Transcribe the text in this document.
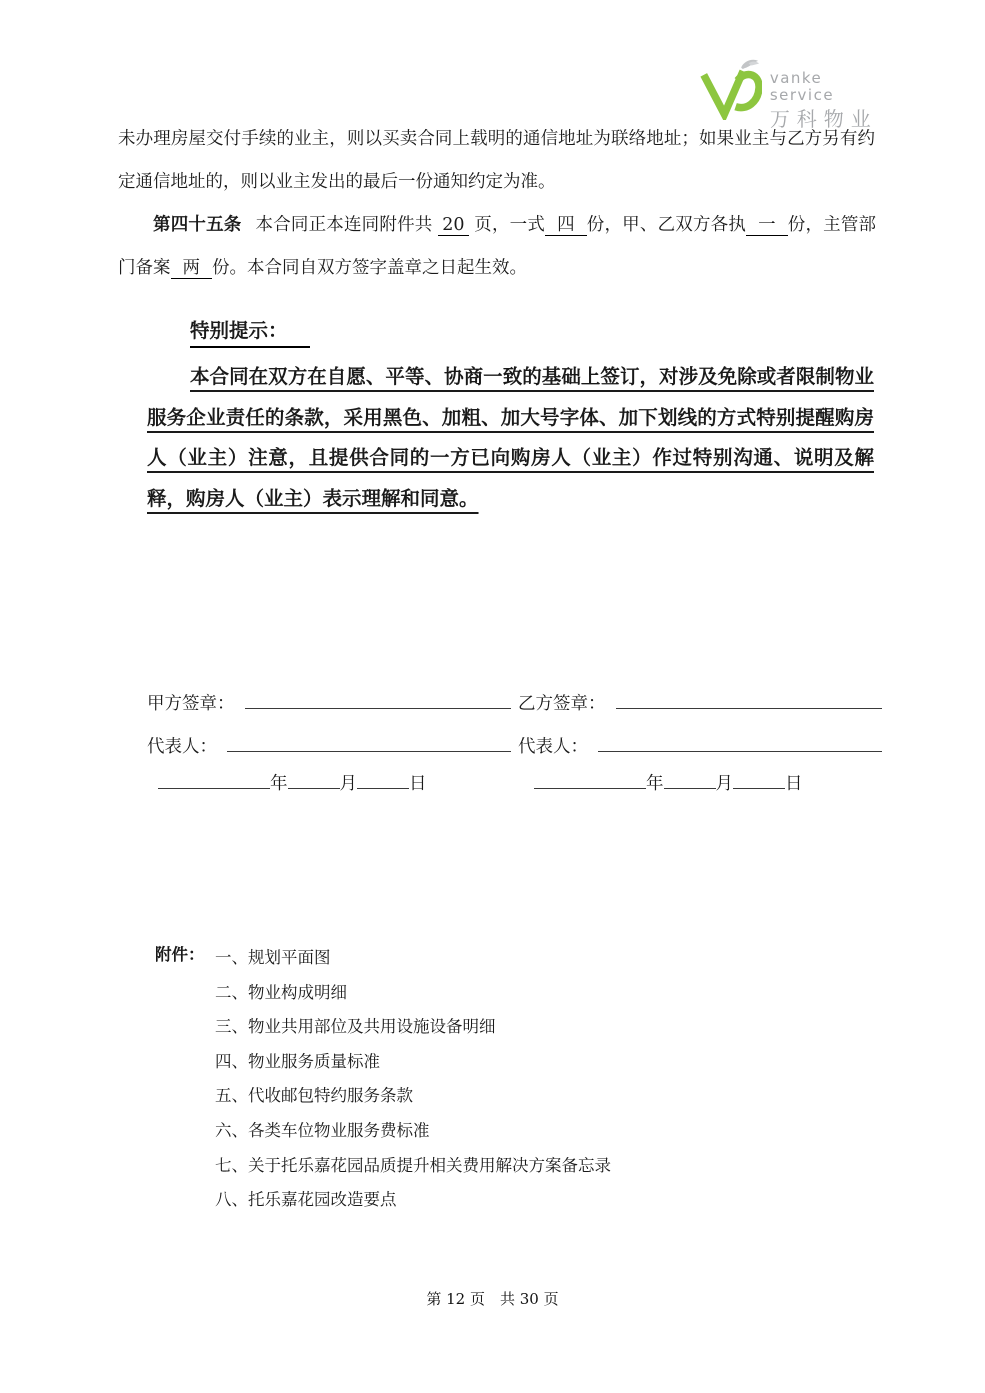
vanke service
万科物业
未办理房屋交付手续的业主，则以买卖合同上载明的通信地址为联络地址；如果业主与乙方另有约定通信地址的，则以业主发出的最后一份通知约定为准。
第四十五条 本合同正本连同附件共 20 页，一式 四 份，甲、乙双方各执 一 份，主管部门备案 两 份。本合同自双方签字盖章之日起生效。
特别提示：
本合同在双方在自愿、平等、协商一致的基础上签订，对涉及免除或者限制物业服务企业责任的条款，采用黑色、加粗、加大号字体、加下划线的方式特别提醒购房人（业主）注意，且提供合同的一方已向购房人（业主）作过特别沟通、说明及解释，购房人（业主）表示理解和同意。
甲方签章：	乙方签章：
代表人：	代表人：
年	月	日	年	月	日
附件： 一、规划平面图
二、物业构成明细
三、物业共用部位及共用设施设备明细
四、物业服务质量标准
五、代收邮包特约服务条款
六、各类车位物业服务费标准
七、关于托乐嘉花园品质提升相关费用解决方案备忘录
八、托乐嘉花园改造要点
第 12 页　共 30 页
